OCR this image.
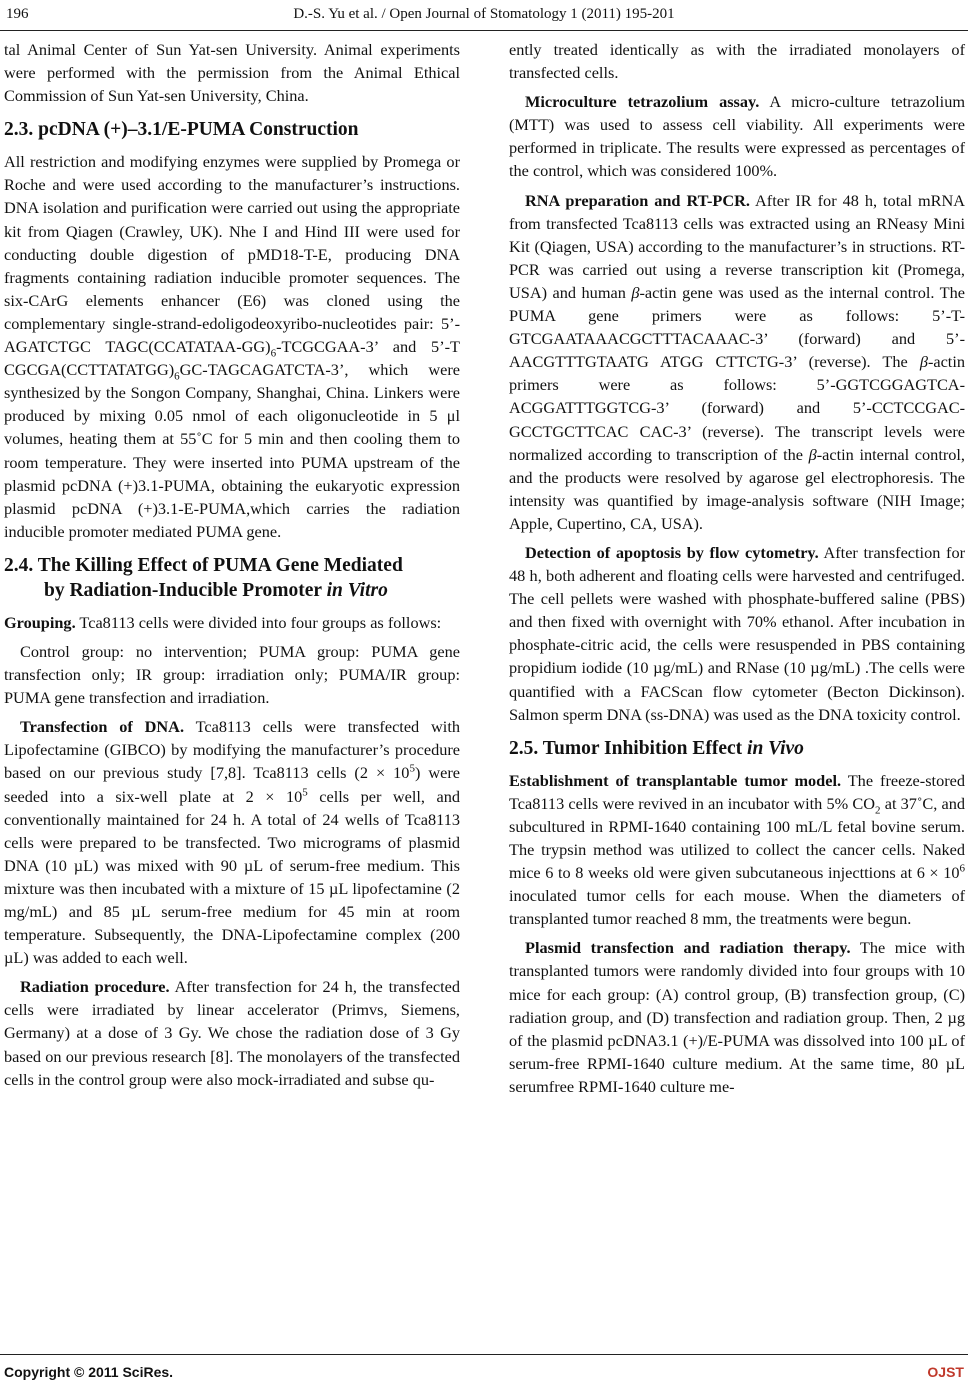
196	D.-S. Yu et al. / Open Journal of Stomatology 1 (2011) 195-201

tal Animal Center of Sun Yat-sen University. Animal experiments were performed with the permission from the Animal Ethical Commission of Sun Yat-sen University, China.

2.3. pcDNA (+)–3.1/E-PUMA Construction

All restriction and modifying enzymes were supplied by Promega or Roche and were used according to the manufacturer’s instructions. DNA isolation and purification were carried out using the appropriate kit from Qiagen (Crawley, UK). Nhe I and Hind III were used for conducting double digestion of pMD18-T-E, producing DNA fragments containing radiation inducible promoter sequences. The six-CArG elements enhancer (E6) was cloned using the complementary single-strand-edoligodeoxyribo-nucleotides pair: 5’-AGATCTGC $TAGC(CCATATAA-GG)_6-TCGCGAA-3$’ and 5’-T $CGCGA(CCTTATATGG)_6GC-TAGCAGATCTA-3$’, which were synthesized by the Songon Company, Shanghai, China. Linkers were produced by mixing 0.05 nmol of each oligonucleotide in 5 μl volumes, heating them at 55˚C for 5 min and then cooling them to room temperature. They were inserted into PUMA upstream of the plasmid pcDNA (+)3.1-PUMA, obtaining the eukaryotic expression plasmid pcDNA (+)3.1-E-PUMA,which carries the radiation inducible promoter mediated PUMA gene.

2.4. The Killing Effect of PUMA Gene Mediated
by Radiation-Inducible Promoter in Vitro

Grouping. Tca8113 cells were divided into four groups as follows:

Control group: no intervention; PUMA group: PUMA gene transfection only; IR group: irradiation only; PUMA/IR group: PUMA gene transfection and irradiation.

Transfection of DNA. Tca8113 cells were transfected with Lipofectamine (GIBCO) by modifying the manufacturer’s procedure based on our previous study [7,8]. Tca8113 cells $(2 \times 10^5)$ were seeded into a six-well plate at $2 \times 10^5$ cells per well, and conventionally maintained for 24 h. A total of 24 wells of Tca8113 cells were prepared to be transfected. Two micrograms of plasmid DNA (10 µL) was mixed with 90 µL of serum-free medium. This mixture was then incubated with a mixture of 15 µL lipofectamine (2 mg/mL) and 85 µL serum-free medium for 45 min at room temperature. Subsequently, the DNA-Lipofectamine complex (200 µL) was added to each well.

Radiation procedure. After transfection for 24 h, the transfected cells were irradiated by linear accelerator (Primvs, Siemens, Germany) at a dose of 3 Gy. We chose the radiation dose of 3 Gy based on our previous research [8]. The monolayers of the transfected cells in the control group were also mock-irradiated and subse qu-

ently treated identically as with the irradiated monolayers of transfected cells.

Microculture tetrazolium assay. A micro-culture tetrazolium (MTT) was used to assess cell viability. All experiments were performed in triplicate. The results were expressed as percentages of the control, which was considered 100%.

RNA preparation and RT-PCR. After IR for 48 h, total mRNA from transfected Tca8113 cells was extracted using an RNeasy Mini Kit (Qiagen, USA) according to the manufacturer’s in structions. RT-PCR was carried out using a reverse transcription kit (Promega, USA) and human β-actin gene was used as the internal control. The PUMA gene primers were as follows: 5’-T-GTCGAATAAACGCTTTACAAAC-3’ (forward) and 5’-AACGTTTGTAATG ATGG CTTCTG-3’ (reverse). The β-actin primers were as follows: 5’-GGTCGGAGTCA-ACGGATTTGGTCG-3’ (forward) and 5’-CCTCCGAC-GCCTGCTTCAC CAC-3’ (reverse). The transcript levels were normalized according to transcription of the β-actin internal control, and the products were resolved by agarose gel electrophoresis. The intensity was quantified by image-analysis software (NIH Image; Apple, Cupertino, CA, USA).

Detection of apoptosis by flow cytometry. After transfection for 48 h, both adherent and floating cells were harvested and centrifuged. The cell pellets were washed with phosphate-buffered saline (PBS) and then fixed with overnight with 70% ethanol. After incubation in phosphate-citric acid, the cells were resuspended in PBS containing propidium iodide (10 µg/mL) and RNase (10 µg/mL) .The cells were quantified with a FACScan flow cytometer (Becton Dickinson). Salmon sperm DNA (ss-DNA) was used as the DNA toxicity control.

2.5. Tumor Inhibition Effect in Vivo

Establishment of transplantable tumor model. The freeze-stored Tca8113 cells were revived in an incubator with 5% $CO_2$ at 37˚C, and subcultured in RPMI-1640 containing 100 mL/L fetal bovine serum. The trypsin method was utilized to collect the cancer cells. Naked mice 6 to 8 weeks old were given subcutaneous injecttions at $6 \times 10^6$ inoculated tumor cells for each mouse. When the diameters of transplanted tumor reached 8 mm, the treatments were begun.

Plasmid transfection and radiation therapy. The mice with transplanted tumors were randomly divided into four groups with 10 mice for each group: (A) control group, (B) transfection group, (C) radiation group, and (D) transfection and radiation group. Then, 2 µg of the plasmid pcDNA3.1 (+)/E-PUMA was dissolved into 100 µL of serum-free RPMI-1640 culture medium. At the same time, 80 µL serumfree RPMI-1640 culture me-

Copyright © 2011 SciRes.	OJST
